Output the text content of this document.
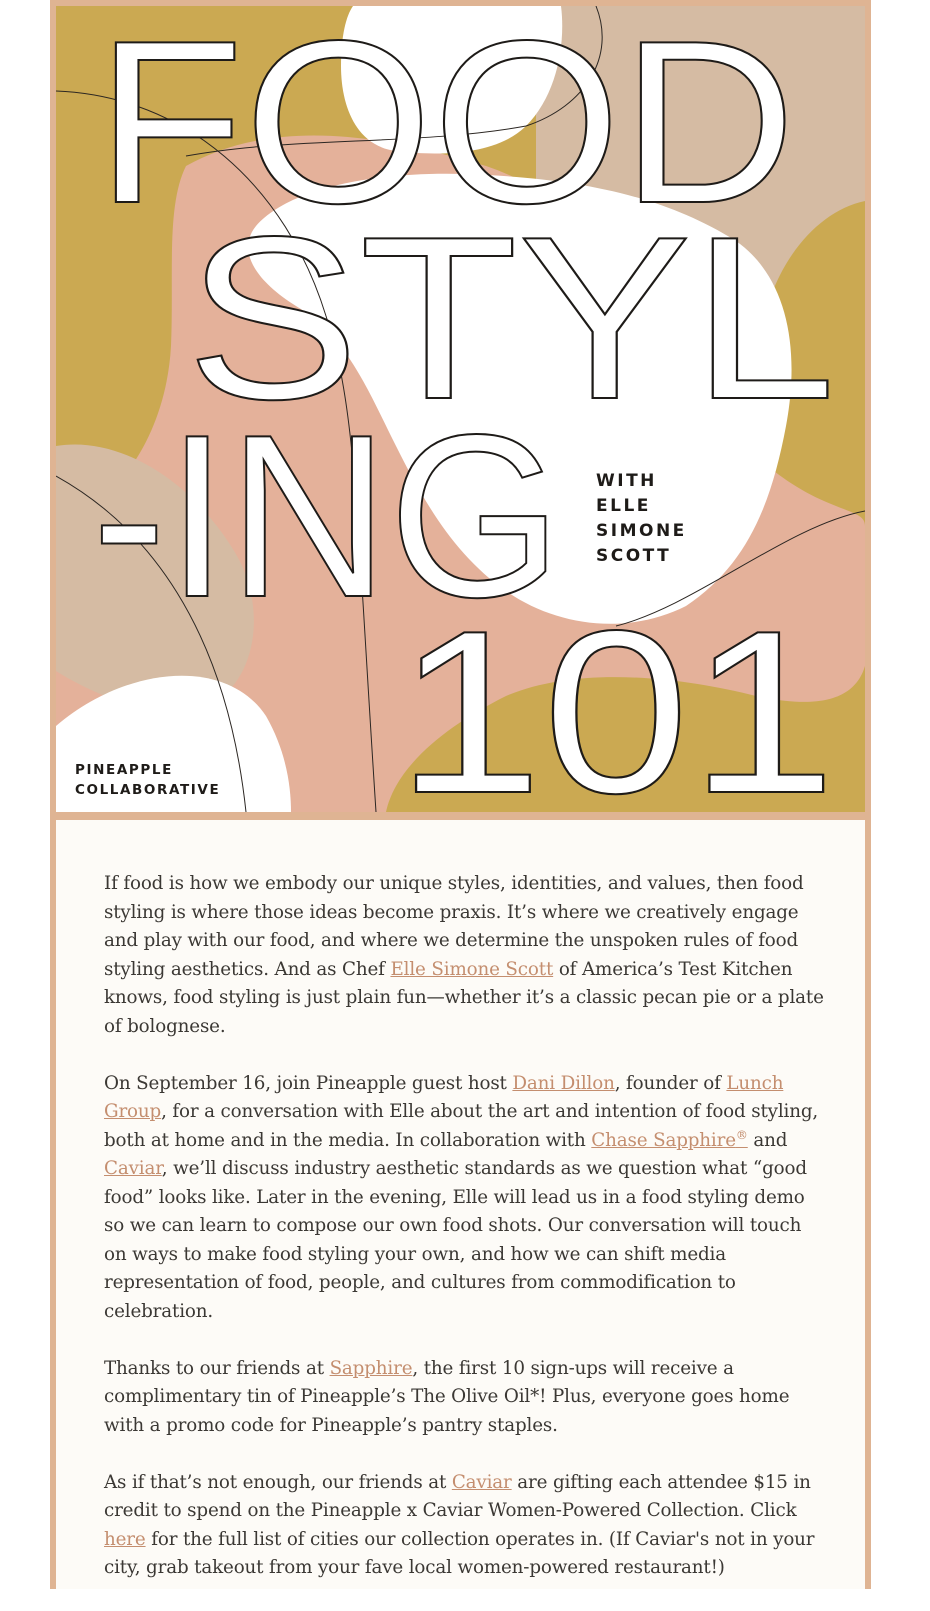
FOOD
STYL
-ING
101
WITH
ELLE
SIMONE
SCOTT
PINEAPPLE
COLLABORATIVE

If food is how we embody our unique styles, identities, and values, then food styling is where those ideas become praxis. It’s where we creatively engage and play with our food, and where we determine the unspoken rules of food styling aesthetics. And as Chef Elle Simone Scott of America’s Test Kitchen knows, food styling is just plain fun—whether it’s a classic pecan pie or a plate of bolognese.

On September 16, join Pineapple guest host Dani Dillon, founder of Lunch Group, for a conversation with Elle about the art and intention of food styling, both at home and in the media. In collaboration with Chase Sapphire® and Caviar, we’ll discuss industry aesthetic standards as we question what “good food” looks like. Later in the evening, Elle will lead us in a food styling demo so we can learn to compose our own food shots. Our conversation will touch on ways to make food styling your own, and how we can shift media representation of food, people, and cultures from commodification to celebration.

Thanks to our friends at Sapphire, the first 10 sign-ups will receive a complimentary tin of Pineapple’s The Olive Oil*! Plus, everyone goes home with a promo code for Pineapple’s pantry staples.

As if that’s not enough, our friends at Caviar are gifting each attendee $15 in credit to spend on the Pineapple x Caviar Women-Powered Collection. Click here for the full list of cities our collection operates in. (If Caviar's not in your city, grab takeout from your fave local women-powered restaurant!)
